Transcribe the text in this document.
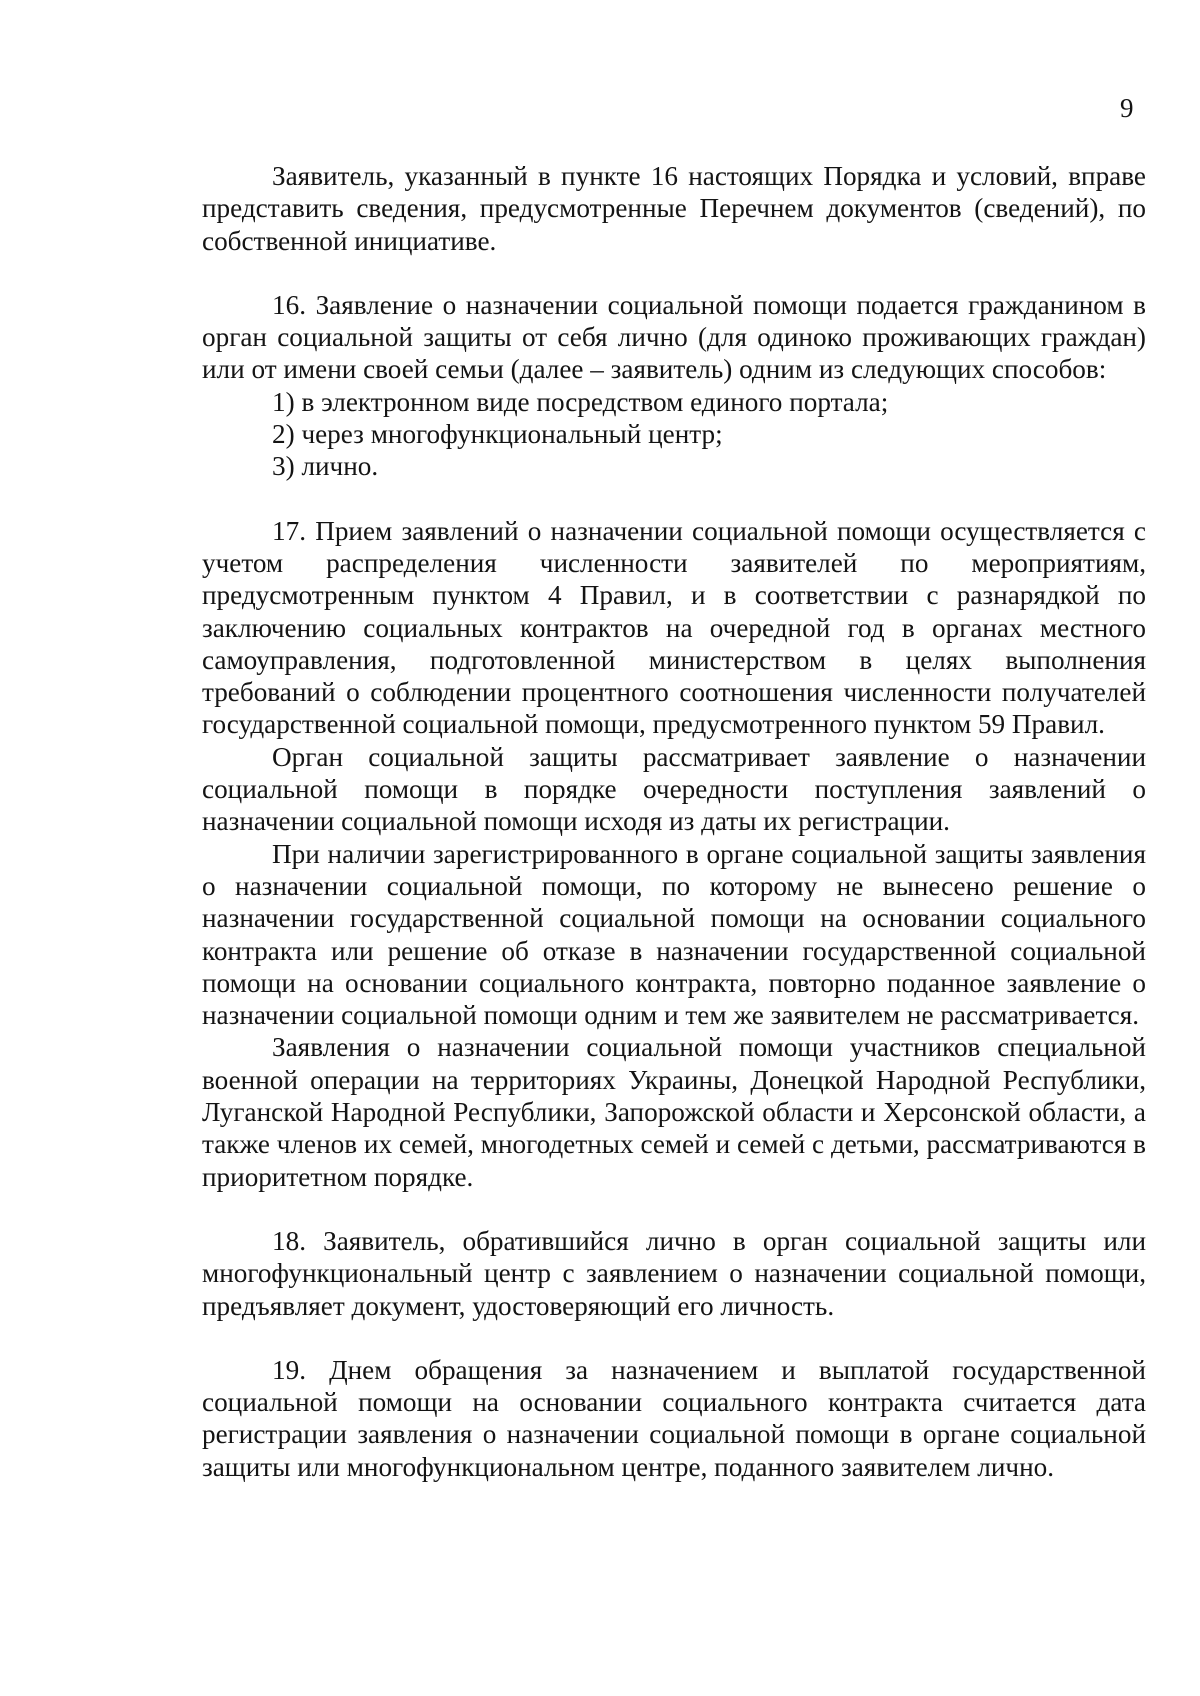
9

Заявитель, указанный в пункте 16 настоящих Порядка и условий, вправе представить сведения, предусмотренные Перечнем документов (сведений), по собственной инициативе.

16. Заявление о назначении социальной помощи подается гражданином в орган социальной защиты от себя лично (для одиноко проживающих граждан) или от имени своей семьи (далее – заявитель) одним из следующих способов:

1) в электронном виде посредством единого портала;

2) через многофункциональный центр;

3) лично.

17. Прием заявлений о назначении социальной помощи осуществляется с учетом распределения численности заявителей по мероприятиям, предусмотренным пунктом 4 Правил, и в соответствии с разнарядкой по заключению социальных контрактов на очередной год в органах местного самоуправления, подготовленной министерством в целях выполнения требований о соблюдении процентного соотношения численности получателей государственной социальной помощи, предусмотренного пунктом 59 Правил.

Орган социальной защиты рассматривает заявление о назначении социальной помощи в порядке очередности поступления заявлений о назначении социальной помощи исходя из даты их регистрации.

При наличии зарегистрированного в органе социальной защиты заявления о назначении социальной помощи, по которому не вынесено решение о назначении государственной социальной помощи на основании социального контракта или решение об отказе в назначении государственной социальной помощи на основании социального контракта, повторно поданное заявление о назначении социальной помощи одним и тем же заявителем не рассматривается.

Заявления о назначении социальной помощи участников специальной военной операции на территориях Украины, Донецкой Народной Республики, Луганской Народной Республики, Запорожской области и Херсонской области, а также членов их семей, многодетных семей и семей с детьми, рассматриваются в приоритетном порядке.

18. Заявитель, обратившийся лично в орган социальной защиты или многофункциональный центр с заявлением о назначении социальной помощи, предъявляет документ, удостоверяющий его личность.

19. Днем обращения за назначением и выплатой государственной социальной помощи на основании социального контракта считается дата регистрации заявления о назначении социальной помощи в органе социальной защиты или многофункциональном центре, поданного заявителем лично.
